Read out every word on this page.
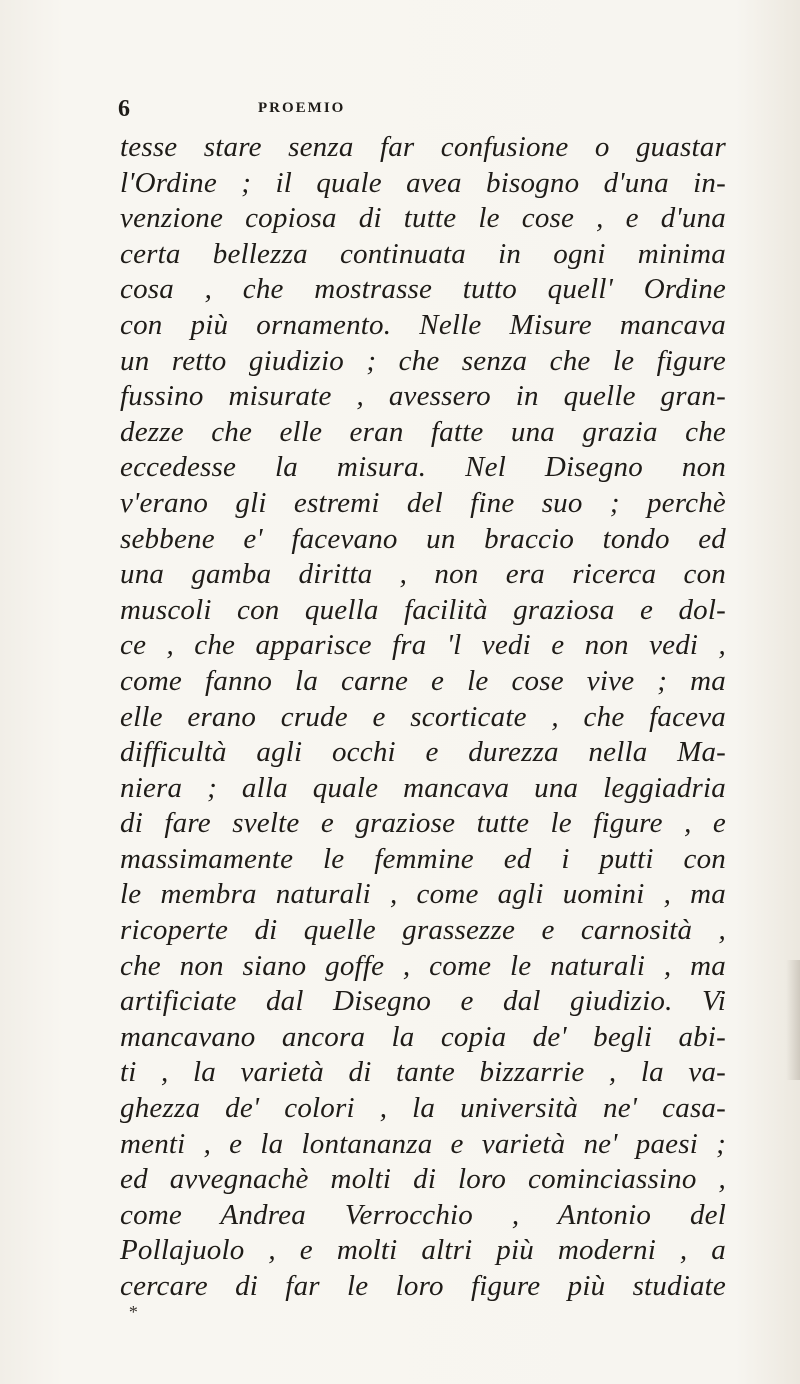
6	PROEMIO
tesse stare senza far confusione o guastar
l'Ordine ; il quale avea bisogno d'una in-
venzione copiosa di tutte le cose , e d'una
certa bellezza continuata in ogni minima
cosa , che mostrasse tutto quell' Ordine
con più ornamento. Nelle Misure mancava
un retto giudizio ; che senza che le figure
fussino misurate , avessero in quelle gran-
dezze che elle eran fatte una grazia che
eccedesse la misura. Nel Disegno non
v'erano gli estremi del fine suo ; perchè
sebbene e' facevano un braccio tondo ed
una gamba diritta , non era ricerca con
muscoli con quella facilità graziosa e dol-
ce , che apparisce fra 'l vedi e non vedi ,
come fanno la carne e le cose vive ; ma
elle erano crude e scorticate , che faceva
difficultà agli occhi e durezza nella Ma-
niera ; alla quale mancava una leggiadria
di fare svelte e graziose tutte le figure , e
massimamente le femmine ed i putti con
le membra naturali , come agli uomini , ma
ricoperte di quelle grassezze e carnosità ,
che non siano goffe , come le naturali , ma
artificiate dal Disegno e dal giudizio. Vi
mancavano ancora la copia de' begli abi-
ti , la varietà di tante bizzarrie , la va-
ghezza de' colori , la università ne' casa-
menti , e la lontananza e varietà ne' paesi ;
ed avvegnachè molti di loro cominciassino ,
come Andrea Verrocchio , Antonio del
Pollajuolo , e molti altri più moderni , a
cercare di far le loro figure più studiate
*
